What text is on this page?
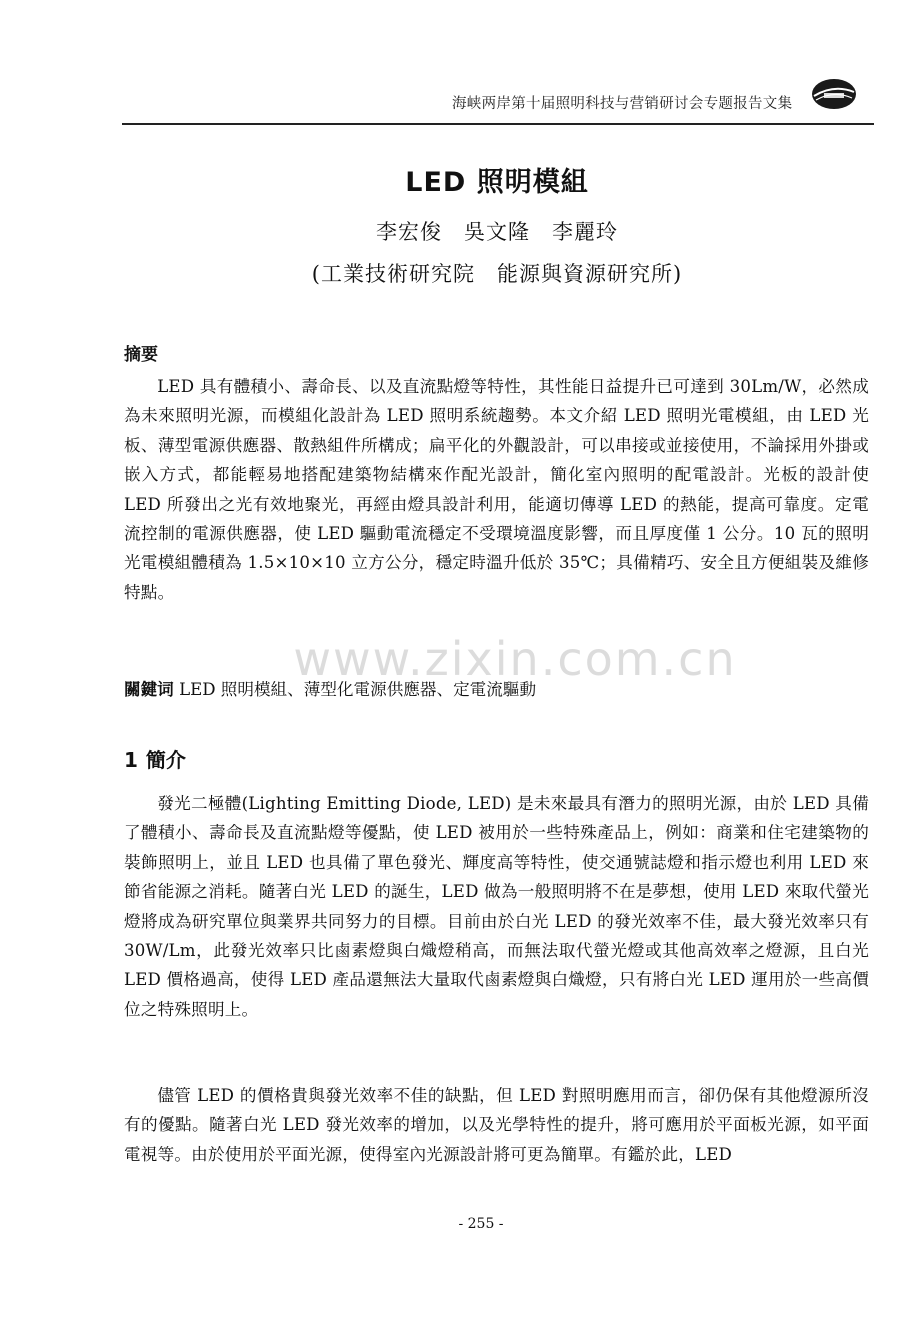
海峡两岸第十届照明科技与营销研讨会专题报告文集
LED 照明模組
李宏俊　吳文隆　李麗玲
(工業技術研究院　能源與資源研究所)
摘要
LED 具有體積小、壽命長、以及直流點燈等特性，其性能日益提升已可達到 30Lm/W，必然成為未來照明光源，而模組化設計為 LED 照明系統趨勢。本文介紹 LED 照明光電模組，由 LED 光板、薄型電源供應器、散熱組件所構成；扁平化的外觀設計，可以串接或並接使用，不論採用外掛或嵌入方式，都能輕易地搭配建築物結構來作配光設計，簡化室內照明的配電設計。光板的設計使 LED 所發出之光有效地聚光，再經由燈具設計利用，能適切傳導 LED 的熱能，提高可靠度。定電流控制的電源供應器，使 LED 驅動電流穩定不受環境溫度影響，而且厚度僅 1 公分。10 瓦的照明光電模組體積為 1.5×10×10 立方公分，穩定時溫升低於 35℃；具備精巧、安全且方便組裝及維修特點。
關鍵词 LED 照明模組、薄型化電源供應器、定電流驅動
www.zixin.com.cn
1 簡介
發光二極體(Lighting Emitting Diode, LED) 是未來最具有潛力的照明光源，由於 LED 具備了體積小、壽命長及直流點燈等優點，使 LED 被用於一些特殊產品上，例如：商業和住宅建築物的裝飾照明上，並且 LED 也具備了單色發光、輝度高等特性，使交通號誌燈和指示燈也利用 LED 來節省能源之消耗。隨著白光 LED 的誕生，LED 做為一般照明將不在是夢想，使用 LED 來取代螢光燈將成為研究單位與業界共同努力的目標。目前由於白光 LED 的發光效率不佳，最大發光效率只有 30W/Lm，此發光效率只比鹵素燈與白熾燈稍高，而無法取代螢光燈或其他高效率之燈源，且白光 LED 價格過高，使得 LED 產品還無法大量取代鹵素燈與白熾燈，只有將白光 LED 運用於一些高價位之特殊照明上。
儘管 LED 的價格貴與發光效率不佳的缺點，但 LED 對照明應用而言，卻仍保有其他燈源所沒有的優點。隨著白光 LED 發光效率的增加，以及光學特性的提升，將可應用於平面板光源，如平面電視等。由於使用於平面光源，使得室內光源設計將可更為簡單。有鑑於此，LED
- 255 -
